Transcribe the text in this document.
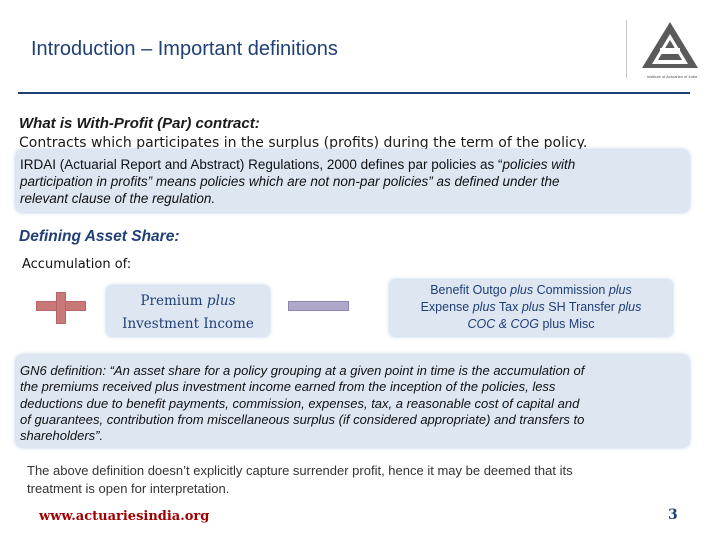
Introduction – Important definitions
Institute of Actuaries of India
What is With-Profit (Par) contract:
Contracts which participates in the surplus (profits) during the term of the policy.

IRDAI (Actuarial Report and Abstract) Regulations, 2000 defines par policies as “policies with
participation in profits” means policies which are not non-par policies” as defined under the
relevant clause of the regulation.

Defining Asset Share:
Accumulation of:
Premium plus
Investment Income
Benefit Outgo plus Commission plus
Expense plus Tax plus SH Transfer plus
COC & COG plus Misc

GN6 definition: “An asset share for a policy grouping at a given point in time is the accumulation of
the premiums received plus investment income earned from the inception of the policies, less
deductions due to benefit payments, commission, expenses, tax, a reasonable cost of capital and
of guarantees, contribution from miscellaneous surplus (if considered appropriate) and transfers to
shareholders”.

The above definition doesn’t explicitly capture surrender profit, hence it may be deemed that its
treatment is open for interpretation.
www.actuariesindia.org	3
